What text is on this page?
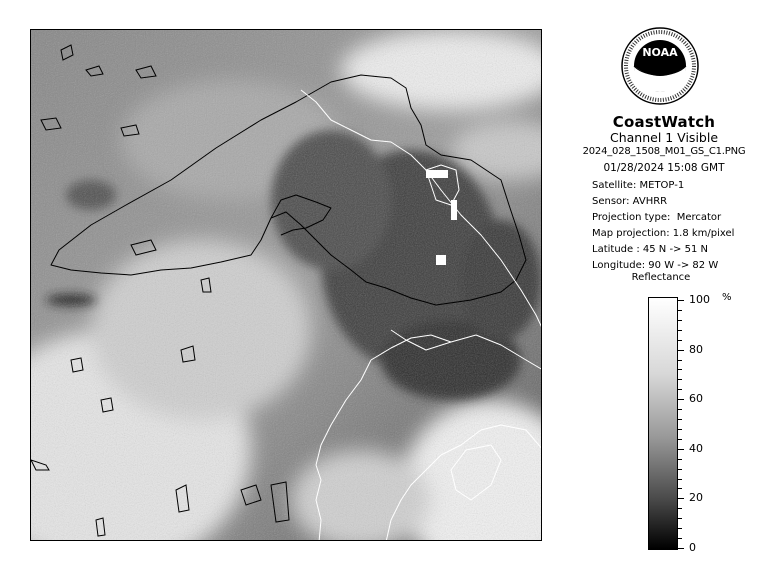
NOAA
CoastWatch
Channel 1 Visible
2024_028_1508_M01_GS_C1.PNG
01/28/2024 15:08 GMT
Satellite: METOP-1
Sensor: AVHRR
Projection type:  Mercator
Map projection: 1.8 km/pixel
Latitude : 45 N -> 51 N
Longitude: 90 W -> 82 W
Reflectance
%
100
80
60
40
20
0
